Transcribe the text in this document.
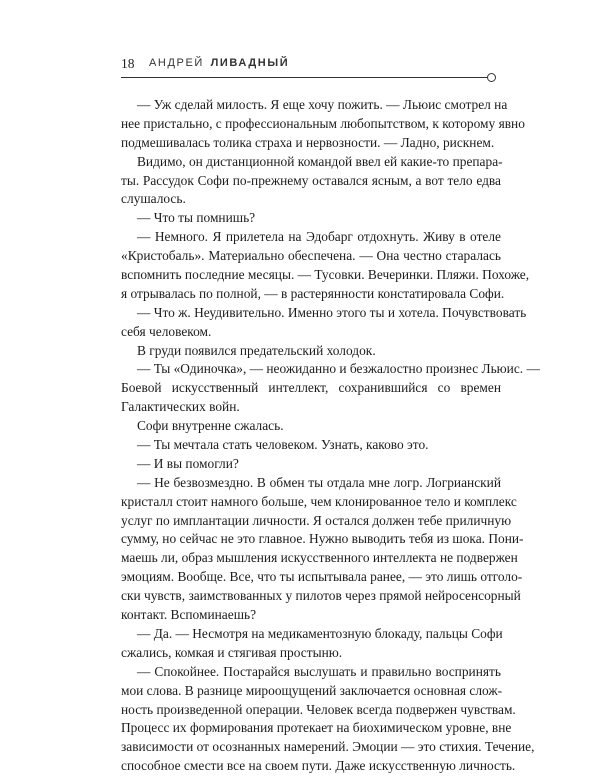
18 АНДРЕЙ ЛИВАДНЫЙ
— Уж сделай милость. Я еще хочу пожить. — Льюис смотрел на
нее пристально, с профессиональным любопытством, к которому явно
подмешивалась толика страха и нервозности. — Ладно, рискнем.
Видимо, он дистанционной командой ввел ей какие-то препара-
ты. Рассудок Софи по-прежнему оставался ясным, а вот тело едва
слушалось.
— Что ты помнишь?
— Немного. Я прилетела на Эдобарг отдохнуть. Живу в отеле
«Кристобаль». Материально обеспечена. — Она честно старалась
вспомнить последние месяцы. — Тусовки. Вечеринки. Пляжи. Похоже,
я отрывалась по полной, — в растерянности констатировала Софи.
— Что ж. Неудивительно. Именно этого ты и хотела. Почувствовать
себя человеком.
В груди появился предательский холодок.
— Ты «Одиночка», — неожиданно и безжалостно произнес Льюис. —
Боевой искусственный интеллект, сохранившийся со времен
Галактических войн.
Софи внутренне сжалась.
— Ты мечтала стать человеком. Узнать, каково это.
— И вы помогли?
— Не безвозмездно. В обмен ты отдала мне логр. Логрианский
кристалл стоит намного больше, чем клонированное тело и комплекс
услуг по имплантации личности. Я остался должен тебе приличную
сумму, но сейчас не это главное. Нужно выводить тебя из шока. Пони-
маешь ли, образ мышления искусственного интеллекта не подвержен
эмоциям. Вообще. Все, что ты испытывала ранее, — это лишь отголо-
ски чувств, заимствованных у пилотов через прямой нейросенсорный
контакт. Вспоминаешь?
— Да. — Несмотря на медикаментозную блокаду, пальцы Софи
сжались, комкая и стягивая простыню.
— Спокойнее. Постарайся выслушать и правильно воспринять
мои слова. В разнице мироощущений заключается основная слож-
ность произведенной операции. Человек всегда подвержен чувствам.
Процесс их формирования протекает на биохимическом уровне, вне
зависимости от осознанных намерений. Эмоции — это стихия. Течение,
способное смести все на своем пути. Даже искусственную личность.
